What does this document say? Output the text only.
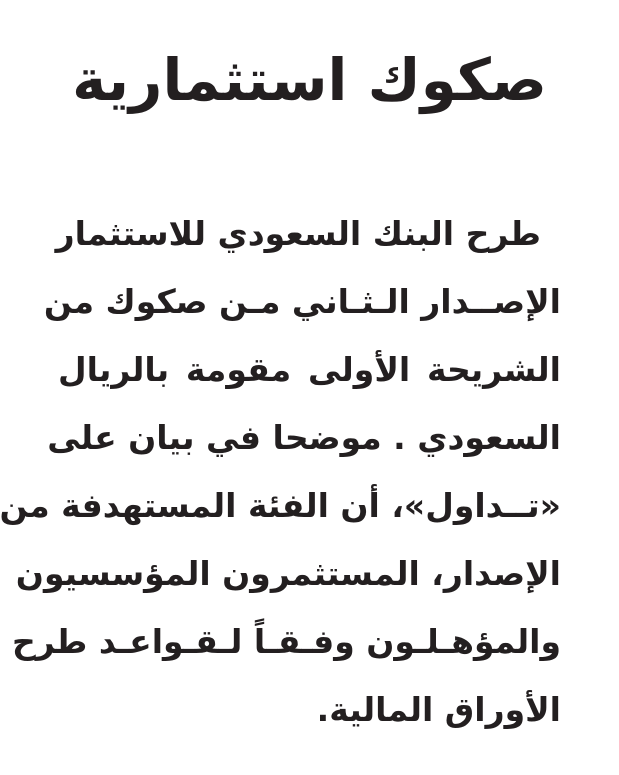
صكوك استثمارية
طرح البنك السعودي للاستثمار
الإصــدار الـثـاني مـن صكوك من
الشريحة الأولى مقومة بالريال
السعودي . موضحا في بيان على
«تــداول»، أن الفئة المستهدفة من
الإصدار، المستثمرون المؤسسيون
والمؤهـلـون وفـقـاً لـقـواعـد طرح
الأوراق المالية.
